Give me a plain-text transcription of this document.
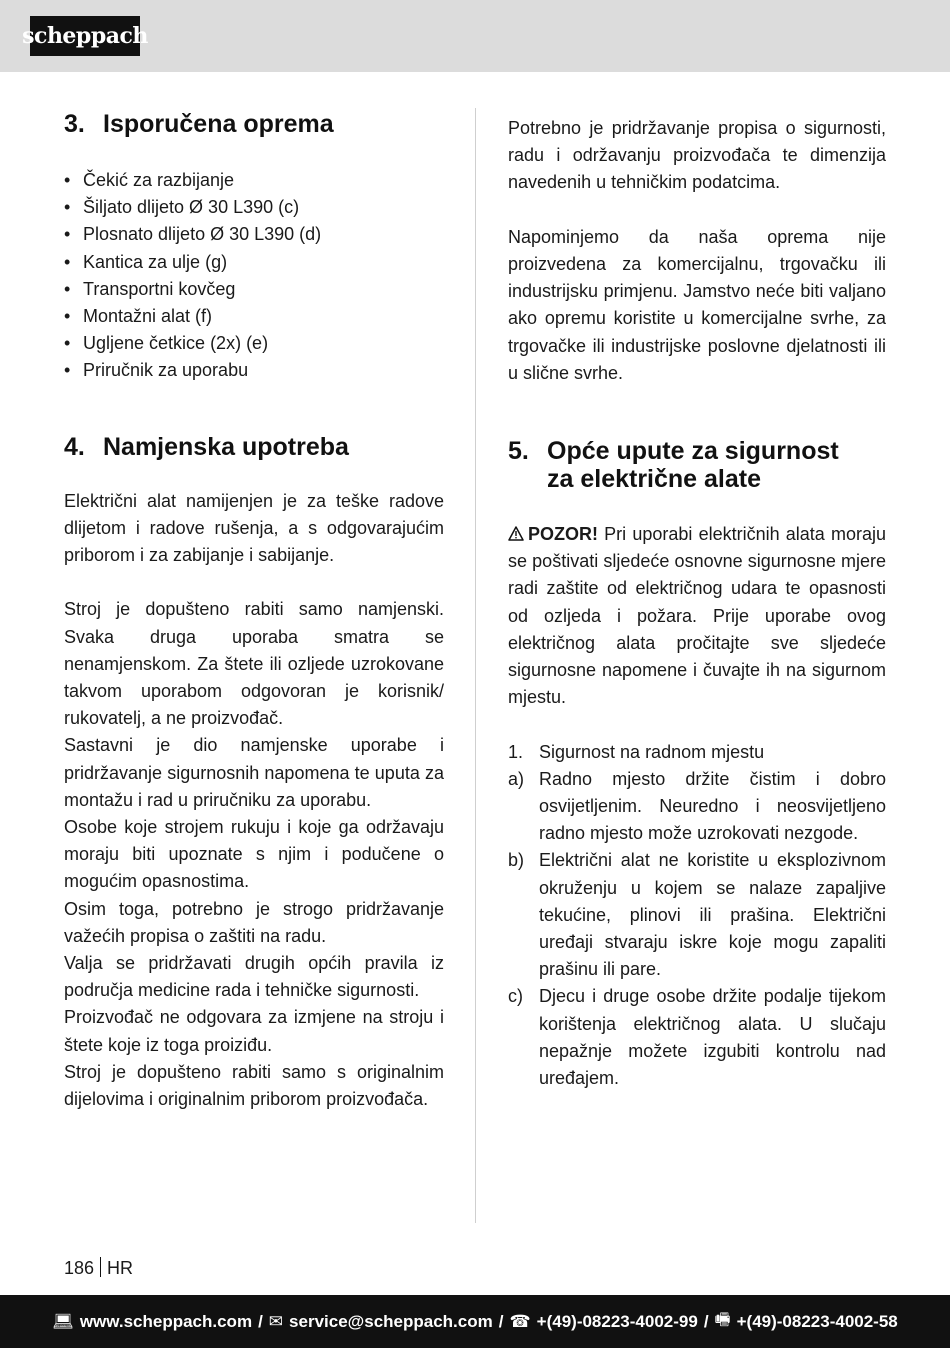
scheppach
3. Isporučena oprema
• Čekić za razbijanje
• Šiljato dlijeto Ø 30 L390 (c)
• Plosnato dlijeto Ø 30 L390 (d)
• Kantica za ulje (g)
• Transportni kovčeg
• Montažni alat (f)
• Ugljene četkice (2x) (e)
• Priručnik za uporabu
4. Namjenska upotreba

Električni alat namijenjen je za teške radove dlijetom i radove rušenja, a s odgovarajućim priborom i za zabijanje i sabijanje.

Stroj je dopušteno rabiti samo namjenski. Svaka druga uporaba smatra se nenamjenskom. Za štete ili ozljede uzrokovane takvom uporabom odgovoran je korisnik/ rukovatelj, a ne proizvođač.

Sastavni je dio namjenske uporabe i pridržavanje sigurnosnih napomena te uputa za montažu i rad u priručniku za uporabu.

Osobe koje strojem rukuju i koje ga održavaju moraju biti upoznate s njim i podučene o mogućim opasnostima.

Osim toga, potrebno je strogo pridržavanje važećih propisa o zaštiti na radu.

Valja se pridržavati drugih općih pravila iz područja medicine rada i tehničke sigurnosti.

Proizvođač ne odgovara za izmjene na stroju i štete koje iz toga proiziđu.

Stroj je dopušteno rabiti samo s originalnim dijelovima i originalnim priborom proizvođača.

Potrebno je pridržavanje propisa o sigurnosti, radu i održavanju proizvođača te dimenzija navedenih u tehničkim podatcima.

Napominjemo da naša oprema nije proizvedena za komercijalnu, trgovačku ili industrijsku primjenu. Jamstvo neće biti valjano ako opremu koristite u komercijalne svrhe, za trgovačke ili industrijske poslovne djelatnosti ili u slične svrhe.

5. Opće upute za sigurnost
za električne alate

POZOR! Pri uporabi električnih alata moraju se poštivati sljedeće osnovne sigurnosne mjere radi zaštite od električnog udara te opasnosti od ozljeda i požara. Prije uporabe ovog električnog alata pročitajte sve sljedeće sigurnosne napomene i čuvajte ih na sigurnom mjestu.

1. Sigurnost na radnom mjestu
a) Radno mjesto držite čistim i dobro osvijetljenim. Neuredno i neosvijetljeno radno mjesto može uzrokovati nezgode.
b) Električni alat ne koristite u eksplozivnom okruženju u kojem se nalaze zapaljive tekućine, plinovi ili prašina. Električni uređaji stvaraju iskre koje mogu zapaliti prašinu ili pare.
c) Djecu i druge osobe držite podalje tijekom korištenja električnog alata. U slučaju nepažnje možete izgubiti kontrolu nad uređajem.
186 HR
💻︎ www.scheppach.com / ✉ service@scheppach.com / ☎ +(49)-08223-4002-99 / 🖷︎ +(49)-08223-4002-58
